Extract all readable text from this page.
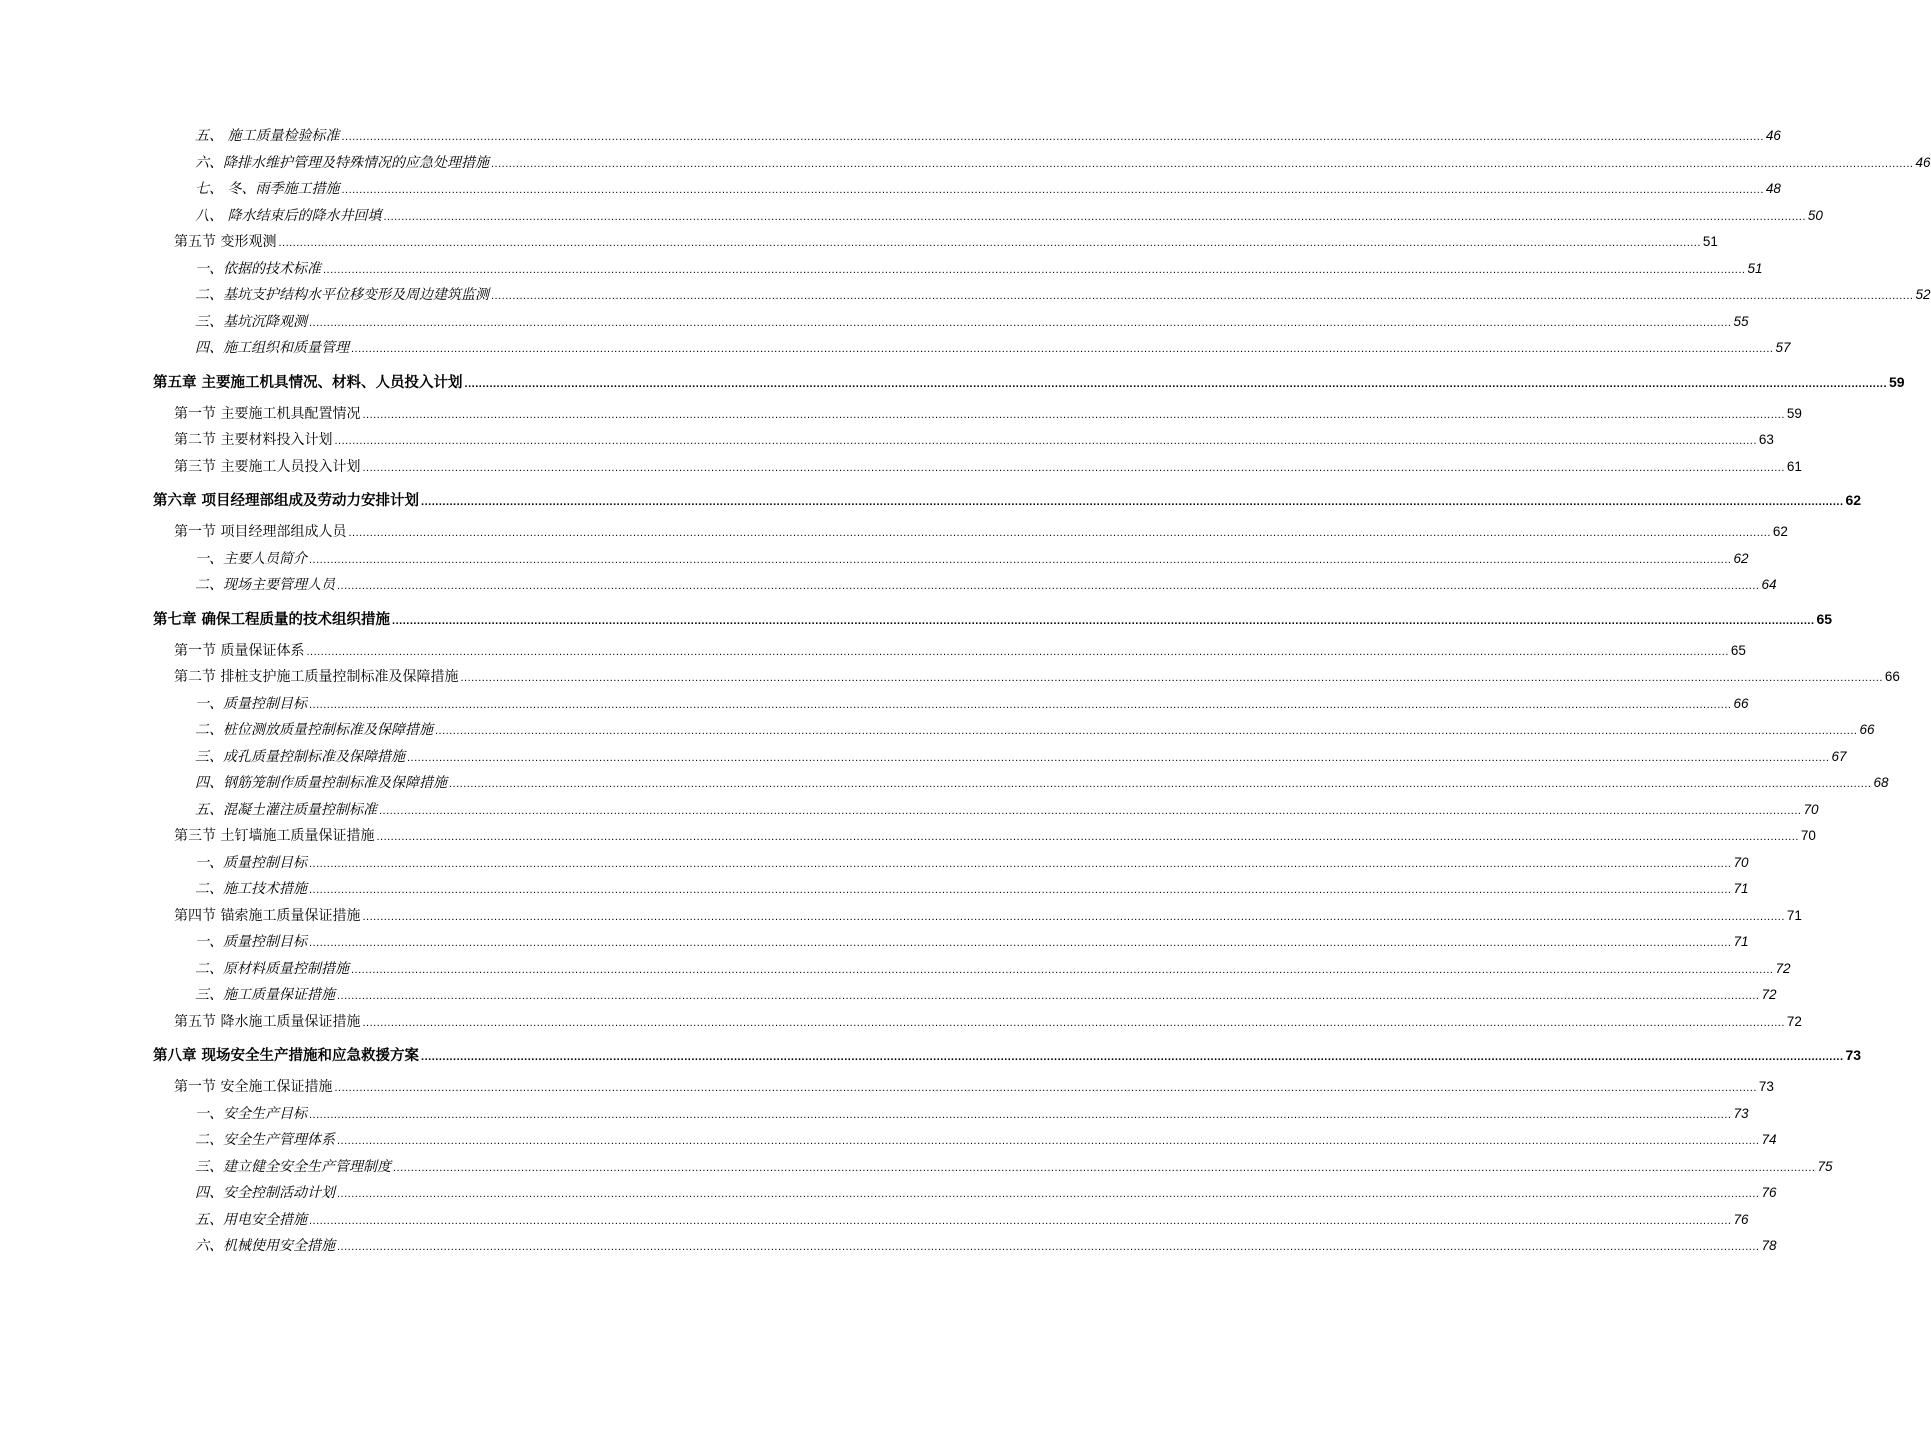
五、 施工质量检验标准 ................................................................................................................................................................................................................................................................................................................................................................................................................ 46
六、降排水维护管理及特殊情况的应急处理措施 ................................................................................................................................................................................................................................................................................................................................................................................................................ 46
七、 冬、雨季施工措施 ................................................................................................................................................................................................................................................................................................................................................................................................................ 48
八、 降水结束后的降水井回填 ................................................................................................................................................................................................................................................................................................................................................................................................................ 50
第五节 变形观测 ................................................................................................................................................................................................................................................................................................................................................................................................................ 51
一、依据的技术标准 ................................................................................................................................................................................................................................................................................................................................................................................................................ 51
二、基坑支护结构水平位移变形及周边建筑监测 ................................................................................................................................................................................................................................................................................................................................................................................................................ 52
三、基坑沉降观测 ................................................................................................................................................................................................................................................................................................................................................................................................................ 55
四、施工组织和质量管理 ................................................................................................................................................................................................................................................................................................................................................................................................................ 57
第五章 主要施工机具情况、材料、人员投入计划 ................................................................................................................................................................................................................................................................................................................................................................................................................ 59
第一节 主要施工机具配置情况 ................................................................................................................................................................................................................................................................................................................................................................................................................ 59
第二节 主要材料投入计划 ................................................................................................................................................................................................................................................................................................................................................................................................................ 63
第三节 主要施工人员投入计划 ................................................................................................................................................................................................................................................................................................................................................................................................................ 61
第六章 项目经理部组成及劳动力安排计划 ................................................................................................................................................................................................................................................................................................................................................................................................................ 62
第一节 项目经理部组成人员 ................................................................................................................................................................................................................................................................................................................................................................................................................ 62
一、主要人员简介 ................................................................................................................................................................................................................................................................................................................................................................................................................ 62
二、现场主要管理人员 ................................................................................................................................................................................................................................................................................................................................................................................................................ 64
第七章 确保工程质量的技术组织措施 ................................................................................................................................................................................................................................................................................................................................................................................................................ 65
第一节 质量保证体系 ................................................................................................................................................................................................................................................................................................................................................................................................................ 65
第二节 排桩支护施工质量控制标准及保障措施 ................................................................................................................................................................................................................................................................................................................................................................................................................ 66
一、质量控制目标 ................................................................................................................................................................................................................................................................................................................................................................................................................ 66
二、桩位测放质量控制标准及保障措施 ................................................................................................................................................................................................................................................................................................................................................................................................................ 66
三、成孔质量控制标准及保障措施 ................................................................................................................................................................................................................................................................................................................................................................................................................ 67
四、钢筋笼制作质量控制标准及保障措施 ................................................................................................................................................................................................................................................................................................................................................................................................................ 68
五、混凝土灌注质量控制标准 ................................................................................................................................................................................................................................................................................................................................................................................................................ 70
第三节 土钉墙施工质量保证措施 ................................................................................................................................................................................................................................................................................................................................................................................................................ 70
一、质量控制目标 ................................................................................................................................................................................................................................................................................................................................................................................................................ 70
二、施工技术措施 ................................................................................................................................................................................................................................................................................................................................................................................................................ 71
第四节 锚索施工质量保证措施 ................................................................................................................................................................................................................................................................................................................................................................................................................ 71
一、质量控制目标 ................................................................................................................................................................................................................................................................................................................................................................................................................ 71
二、原材料质量控制措施 ................................................................................................................................................................................................................................................................................................................................................................................................................ 72
三、施工质量保证措施 ................................................................................................................................................................................................................................................................................................................................................................................................................ 72
第五节 降水施工质量保证措施 ................................................................................................................................................................................................................................................................................................................................................................................................................ 72
第八章 现场安全生产措施和应急救援方案 ................................................................................................................................................................................................................................................................................................................................................................................................................ 73
第一节 安全施工保证措施 ................................................................................................................................................................................................................................................................................................................................................................................................................ 73
一、安全生产目标 ................................................................................................................................................................................................................................................................................................................................................................................................................ 73
二、安全生产管理体系 ................................................................................................................................................................................................................................................................................................................................................................................................................ 74
三、建立健全安全生产管理制度 ................................................................................................................................................................................................................................................................................................................................................................................................................ 75
四、安全控制活动计划 ................................................................................................................................................................................................................................................................................................................................................................................................................ 76
五、用电安全措施 ................................................................................................................................................................................................................................................................................................................................................................................................................ 76
六、机械使用安全措施 ................................................................................................................................................................................................................................................................................................................................................................................................................ 78
